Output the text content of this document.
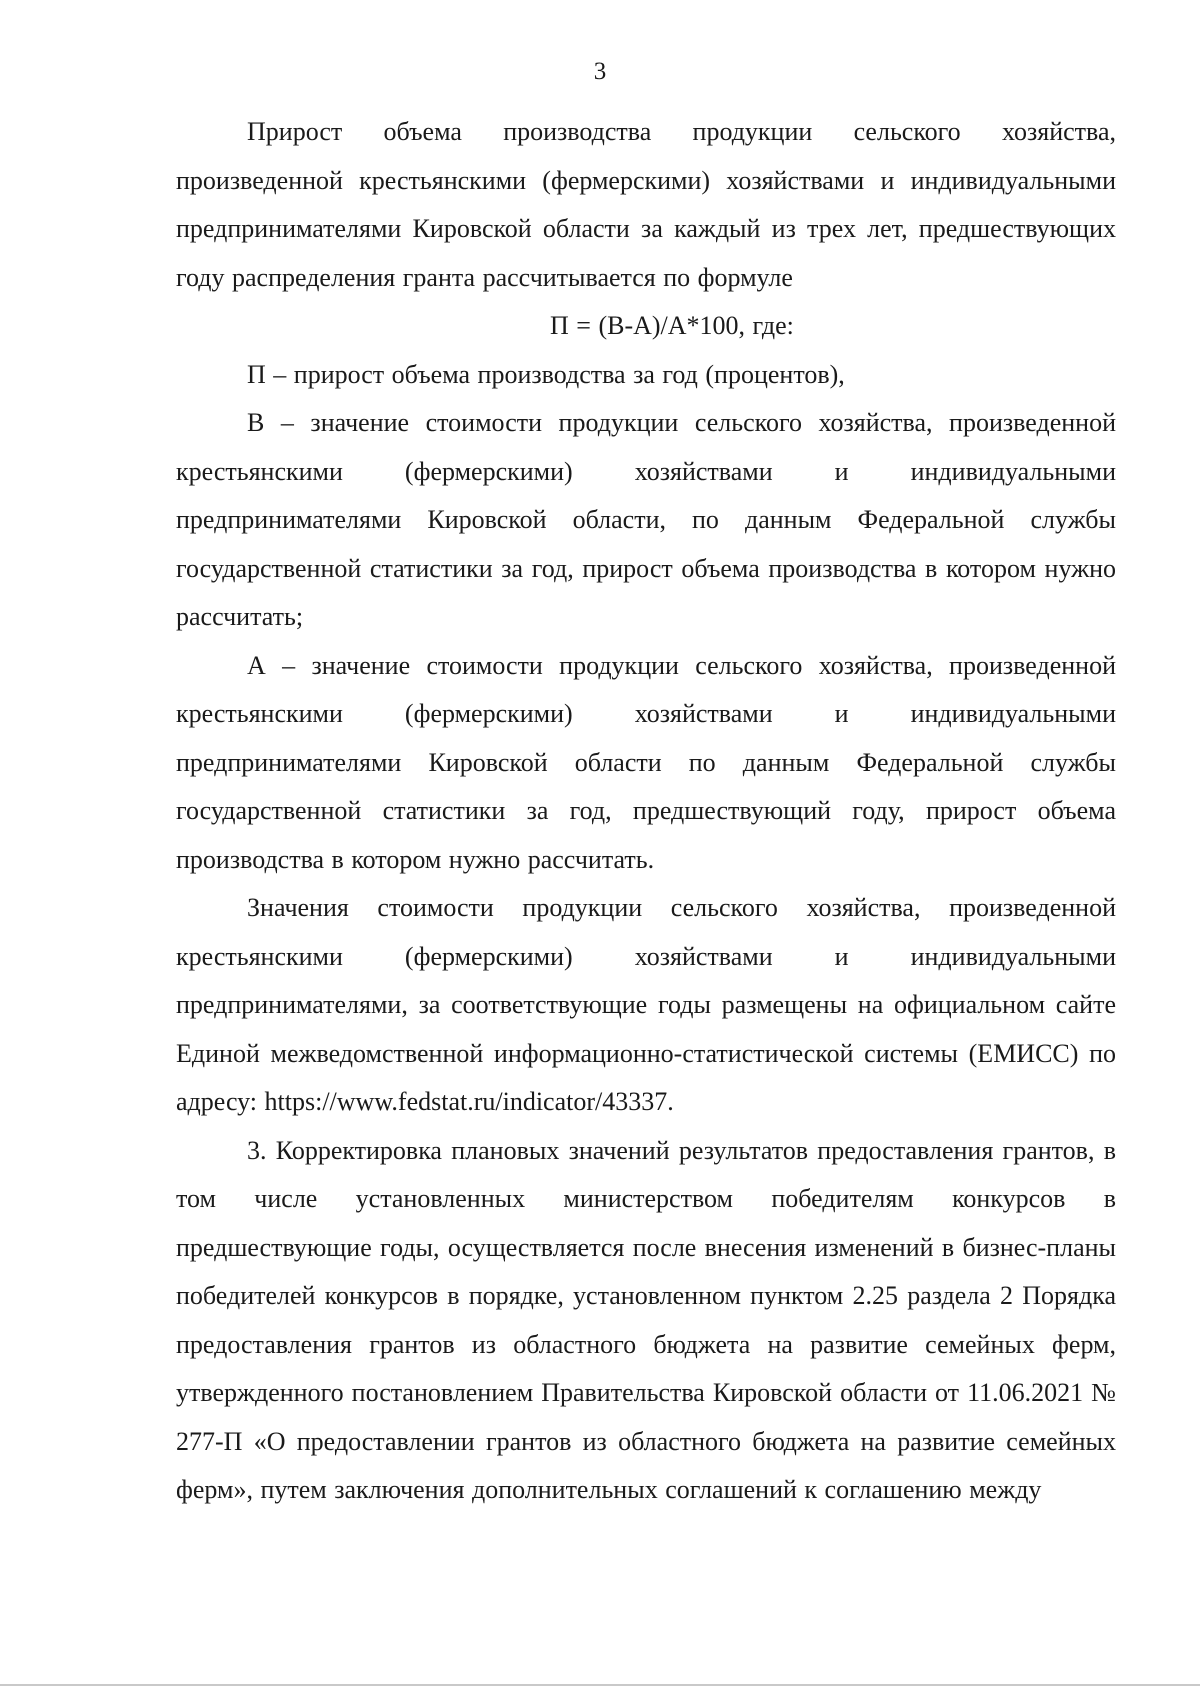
3

Прирост объема производства продукции сельского хозяйства, произведенной крестьянскими (фермерскими) хозяйствами и индивидуальными предпринимателями Кировской области за каждый из трех лет, предшествующих году распределения гранта рассчитывается по формуле

П = (В-А)/А*100, где:

П – прирост объема производства за год (процентов),

В – значение стоимости продукции сельского хозяйства, произведенной крестьянскими (фермерскими) хозяйствами и индивидуальными предпринимателями Кировской области, по данным Федеральной службы государственной статистики за год, прирост объема производства в котором нужно рассчитать;

А – значение стоимости продукции сельского хозяйства, произведенной крестьянскими (фермерскими) хозяйствами и индивидуальными предпринимателями Кировской области по данным Федеральной службы государственной статистики за год, предшествующий году, прирост объема производства в котором нужно рассчитать.

Значения стоимости продукции сельского хозяйства, произведенной крестьянскими (фермерскими) хозяйствами и индивидуальными предпринимателями, за соответствующие годы размещены на официальном сайте Единой межведомственной информационно-статистической системы (ЕМИСС) по адресу: https://www.fedstat.ru/indicator/43337.

3. Корректировка плановых значений результатов предоставления грантов, в том числе установленных министерством победителям конкурсов в предшествующие годы, осуществляется после внесения изменений в бизнес-планы победителей конкурсов в порядке, установленном пунктом 2.25 раздела 2 Порядка предоставления грантов из областного бюджета на развитие семейных ферм, утвержденного постановлением Правительства Кировской области от 11.06.2021 № 277-П «О предоставлении грантов из областного бюджета на развитие семейных ферм», путем заключения дополнительных соглашений к соглашению между
